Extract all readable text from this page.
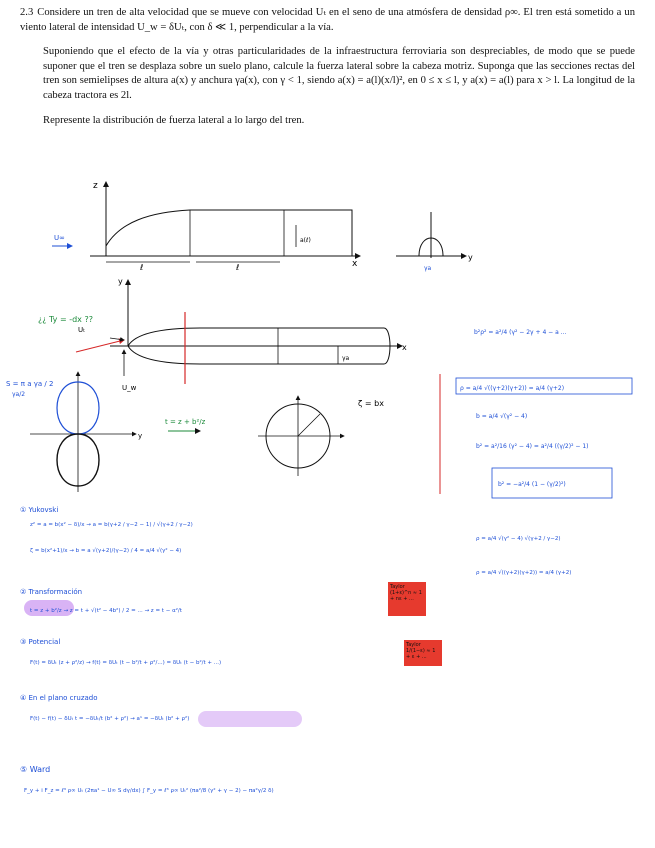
2.3 Considere un tren de alta velocidad que se mueve con velocidad Uₜ en el seno de una atmósfera de densidad ρ∞. El tren está sometido a un viento lateral de intensidad U_w = δUₜ, con δ ≪ 1, perpendicular a la vía.

Suponiendo que el efecto de la vía y otras particularidades de la infraestructura ferroviaria son despreciables, de modo que se puede suponer que el tren se desplaza sobre un suelo plano, calcule la fuerza lateral sobre la cabeza motriz. Suponga que las secciones rectas del tren son semielipses de altura a(x) y anchura γa(x), con γ < 1, siendo a(x) = a(l)(x/l)², en 0 ≤ x ≤ l, y a(x) = a(l) para x > l. La longitud de la cabeza tractora es 2l.

Represente la distribución de fuerza lateral a lo largo del tren.

z
x
a(ℓ)
ℓ	ℓ
U∞
y
γa
y
x
γa
Uₜ
U_w
¿¿ Ty = -dx ??
S = π a γa / 2
γa/2
y
t = z + b²/z
ζ = bx
b²ρ² = a²/4 (γ² − 2γ + 4 − a ...
ρ = a/4 √((γ+2)(γ+2)) = a/4 (γ+2)
b = a/4 √(γ² − 4)
b² = a²/16 (γ² − 4) = a²/4 ((γ/2)² − 1)
b² = −a²/4 (1 − (γ/2)²)
① Yukovski
z² = a = b(x² − δ)/x → a = b(γ+2 / γ−2 − 1) / √(γ+2 / γ−2)
ζ = b(x²+1)/x → b = a √(γ+2)/(γ−2) / 4 = a/4 √(γ² − 4)
ρ = a/4 √(γ² − 4) √(γ+2 / γ−2)
ρ = a/4 √((γ+2)(γ+2)) = a/4 (γ+2)
② Transformación
t = z + b²/z → z = t + √(t² − 4b²) / 2 = ... → z = t − α²/t
③ Potencial
F(t) = δUₜ (z + ρ²/z) → f(t) = δUₜ (t − b²/t + ρ²/...) = δUₜ (t − b²/t + ...)
④ En el plano cruzado
F(t) − f(t) − δUₜ t = −δUₜ/t (b² + ρ²) → a¹ = −δUₜ (b² + ρ²)
⑤ Ward
F_y + i F_z = ℓ³ ρ∞ Uₜ (2πa¹ − U∞ S dγ/dx) ∫ F_y = ℓ³ ρ∞ Uₜ² (πa²/8 (γ² + γ − 2) − πa²γ/2 δ)
Taylor (1+ε)^n ≈ 1 + nε + ...
Taylor 1/(1−ε) ≈ 1 + ε + ...
